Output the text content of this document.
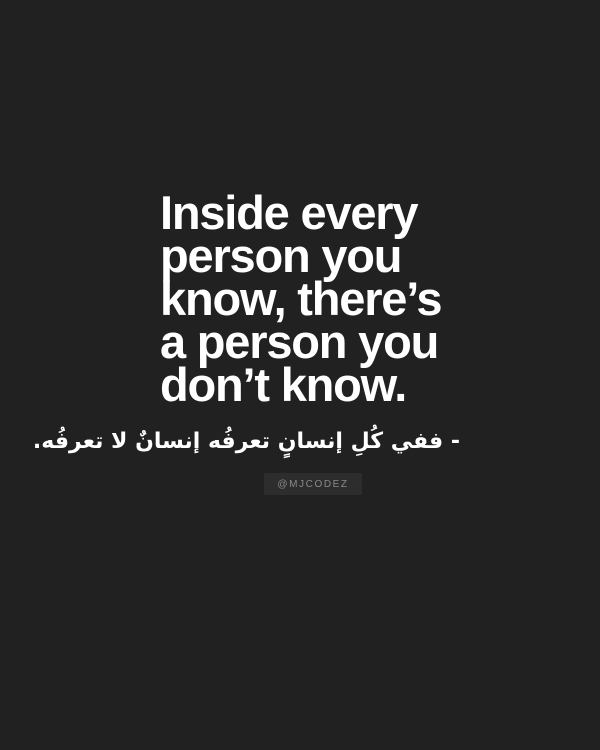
Inside every
person you
know, there’s
a person you
don’t know.

- ففي كُلِ إنسانٍ تعرفُه إنسانٌ لا تعرفُه.
@MJCODEZ
